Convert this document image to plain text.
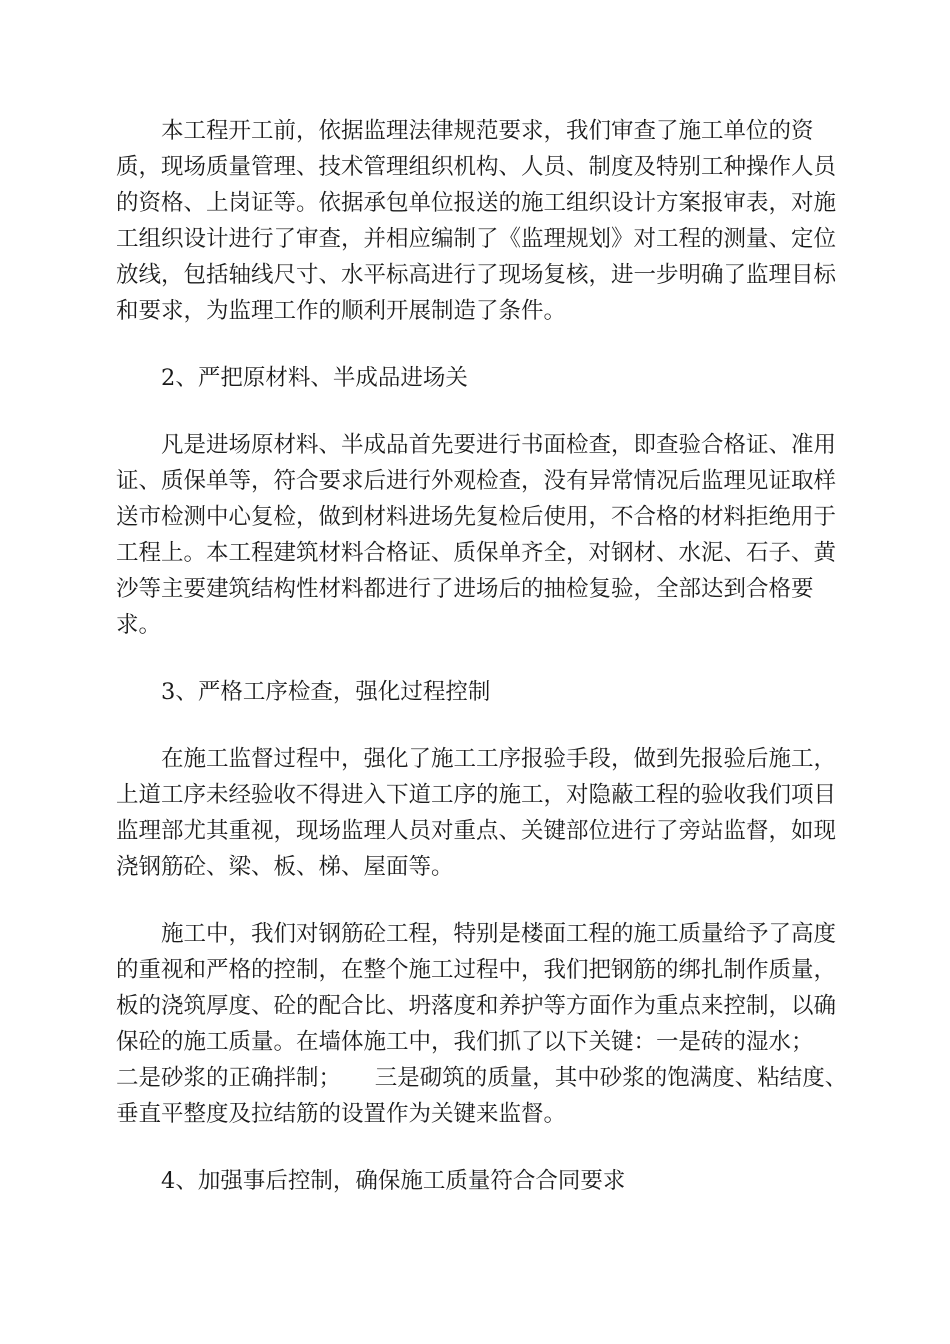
本工程开工前，依据监理法律规范要求，我们审查了施工单位的资
质，现场质量管理、技术管理组织机构、人员、制度及特别工种操作人员
的资格、上岗证等。依据承包单位报送的施工组织设计方案报审表，对施
工组织设计进行了审查，并相应编制了《监理规划》对工程的测量、定位
放线，包括轴线尺寸、水平标高进行了现场复核，进一步明确了监理目标
和要求，为监理工作的顺利开展制造了条件。
2、严把原材料、半成品进场关
凡是进场原材料、半成品首先要进行书面检查，即查验合格证、准用
证、质保单等，符合要求后进行外观检查，没有异常情况后监理见证取样
送市检测中心复检，做到材料进场先复检后使用，不合格的材料拒绝用于
工程上。本工程建筑材料合格证、质保单齐全，对钢材、水泥、石子、黄
沙等主要建筑结构性材料都进行了进场后的抽检复验，全部达到合格要
求。
3、严格工序检查，强化过程控制
在施工监督过程中，强化了施工工序报验手段，做到先报验后施工，
上道工序未经验收不得进入下道工序的施工，对隐蔽工程的验收我们项目
监理部尤其重视，现场监理人员对重点、关键部位进行了旁站监督，如现
浇钢筋砼、梁、板、梯、屋面等。
施工中，我们对钢筋砼工程，特别是楼面工程的施工质量给予了高度
的重视和严格的控制，在整个施工过程中，我们把钢筋的绑扎制作质量，
板的浇筑厚度、砼的配合比、坍落度和养护等方面作为重点来控制，以确
保砼的施工质量。在墙体施工中，我们抓了以下关键：一是砖的湿水；
二是砂浆的正确拌制；　　三是砌筑的质量，其中砂浆的饱满度、粘结度、
垂直平整度及拉结筋的设置作为关键来监督。
4、加强事后控制，确保施工质量符合合同要求
